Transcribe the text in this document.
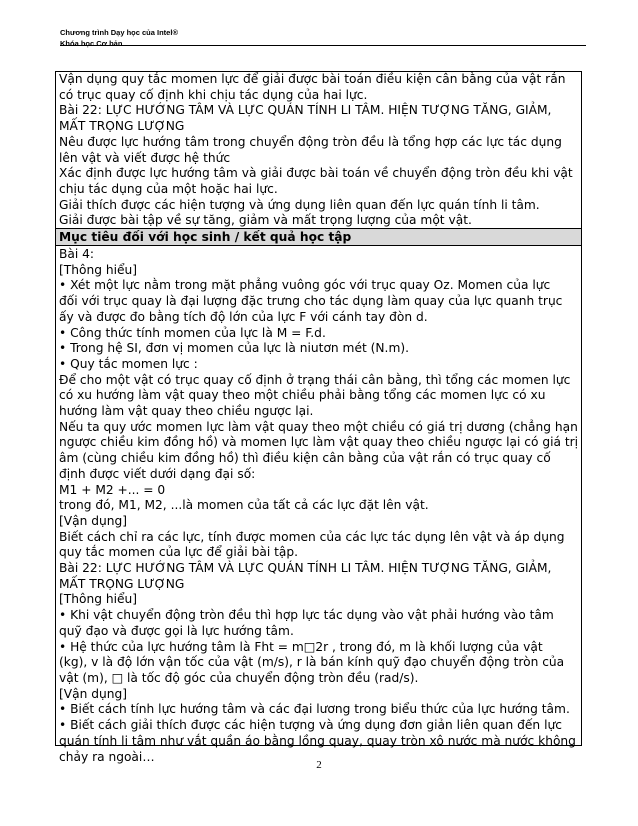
Chương trình Dạy học của Intel®
Khóa học Cơ bản
Vận dụng quy tắc momen lực để giải được bài toán điều kiện cân bằng của vật rắn
có trục quay cố định khi chịu tác dụng của hai lực.
Bài 22: LỰC HƯỚNG TÂM VÀ LỰC QUÁN TÍNH LI TÂM. HIỆN TƯỢNG TĂNG, GIẢM,
MẤT TRỌNG LƯỢNG
Nêu được lực hướng tâm trong chuyển động tròn đều là tổng hợp các lực tác dụng
lên vật và viết được hệ thức
Xác định được lực hướng tâm và giải được bài toán về chuyển động tròn đều khi vật
chịu tác dụng của một hoặc hai lực.
Giải thích được các hiện tượng và ứng dụng liên quan đến lực quán tính li tâm.
Giải được bài tập về sự tăng, giảm và mất trọng lượng của một vật.
Mục tiêu đối với học sinh / kết quả học tập
Bài 4:
[Thông hiểu]
• Xét một lực nằm trong mặt phẳng vuông góc với trục quay Oz. Momen của lực
đối với trục quay là đại lượng đặc trưng cho tác dụng làm quay của lực quanh trục
ấy và được đo bằng tích độ lớn của lực F với cánh tay đòn d.
• Công thức tính momen của lực là M = F.d.
• Trong hệ SI, đơn vị momen của lực là niutơn mét (N.m).
• Quy tắc momen lực :
Để cho một vật có trục quay cố định ở trạng thái cân bằng, thì tổng các momen lực
có xu hướng làm vật quay theo một chiều phải bằng tổng các momen lực có xu
hướng làm vật quay theo chiều ngược lại.
Nếu ta quy ước momen lực làm vật quay theo một chiều có giá trị dương (chẳng hạn
ngược chiều kim đồng hồ) và momen lực làm vật quay theo chiều ngược lại có giá trị
âm (cùng chiều kim đồng hồ) thì điều kiện cân bằng của vật rắn có trục quay cố
định được viết dưới dạng đại số:
M1 + M2 +... = 0
trong đó, M1, M2, ...là momen của tất cả các lực đặt lên vật.
[Vận dụng]
Biết cách chỉ ra các lực, tính được momen của các lực tác dụng lên vật và áp dụng
quy tắc momen của lực để giải bài tập.
Bài 22: LỰC HƯỚNG TÂM VÀ LỰC QUÁN TÍNH LI TÂM. HIỆN TƯỢNG TĂNG, GIẢM,
MẤT TRỌNG LƯỢNG
[Thông hiểu]
• Khi vật chuyển động tròn đều thì hợp lực tác dụng vào vật phải hướng vào tâm
quỹ đạo và được gọi là lực hướng tâm.
• Hệ thức của lực hướng tâm là Fht = m□2r , trong đó, m là khối lượng của vật
(kg), v là độ lớn vận tốc của vật (m/s), r là bán kính quỹ đạo chuyển động tròn của
vật (m), □ là tốc độ góc của chuyển động tròn đều (rad/s).
[Vận dụng]
• Biết cách tính lực hướng tâm và các đại lương trong biểu thức của lực hướng tâm.
• Biết cách giải thích được các hiện tượng và ứng dụng đơn giản liên quan đến lực
quán tính li tâm như vắt quần áo bằng lồng quay, quay tròn xô nước mà nước không
chảy ra ngoài…
2
